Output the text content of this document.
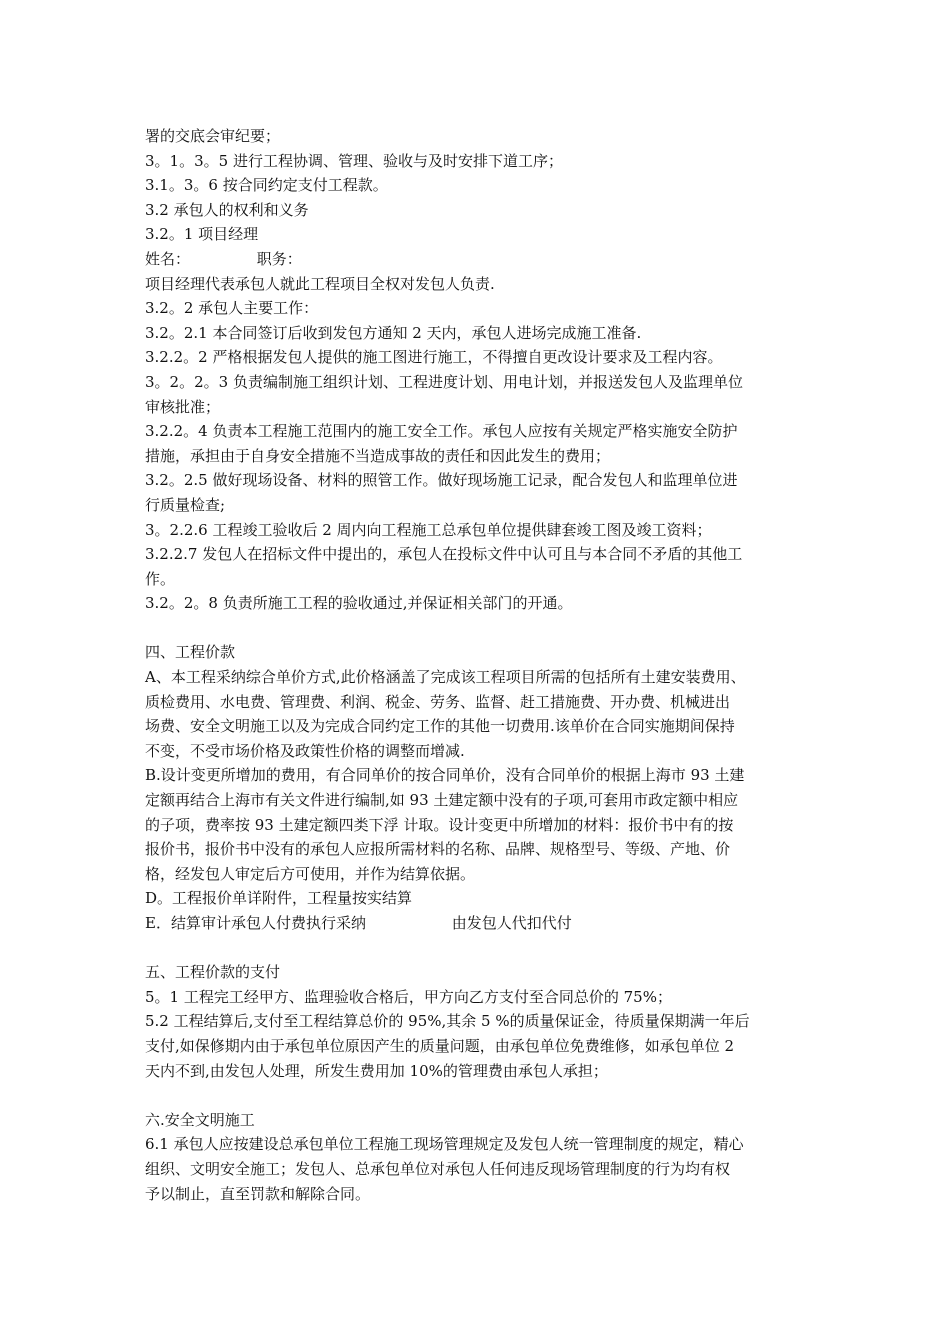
署的交底会审纪要；
3。1。3。5 进行工程协调、管理、验收与及时安排下道工序；
3.1。3。6 按合同约定支付工程款。
3.2 承包人的权利和义务
3.2。1 项目经理
姓名：              职务：
项目经理代表承包人就此工程项目全权对发包人负责.
3.2。2 承包人主要工作：
3.2。2.1 本合同签订后收到发包方通知 2 天内，承包人进场完成施工准备.
3.2.2。2 严格根据发包人提供的施工图进行施工，不得擅自更改设计要求及工程内容。
3。2。2。3 负责编制施工组织计划、工程进度计划、用电计划，并报送发包人及监理单位
审核批准；
3.2.2。4 负责本工程施工范围内的施工安全工作。承包人应按有关规定严格实施安全防护
措施，承担由于自身安全措施不当造成事故的责任和因此发生的费用；
3.2。2.5 做好现场设备、材料的照管工作。做好现场施工记录，配合发包人和监理单位进
行质量检查;
3。2.2.6 工程竣工验收后 2 周内向工程施工总承包单位提供肆套竣工图及竣工资料；
3.2.2.7 发包人在招标文件中提出的，承包人在投标文件中认可且与本合同不矛盾的其他工
作。
3.2。2。8 负责所施工工程的验收通过,并保证相关部门的开通。
四、工程价款
A、本工程采纳综合单价方式,此价格涵盖了完成该工程项目所需的包括所有土建安装费用、
质检费用、水电费、管理费、利润、税金、劳务、监督、赶工措施费、开办费、机械进出
场费、安全文明施工以及为完成合同约定工作的其他一切费用.该单价在合同实施期间保持
不变，不受市场价格及政策性价格的调整而增减.
B.设计变更所增加的费用，有合同单价的按合同单价，没有合同单价的根据上海市 93 土建
定额再结合上海市有关文件进行编制,如 93 土建定额中没有的子项,可套用市政定额中相应
的子项，费率按 93 土建定额四类下浮 计取。设计变更中所增加的材料：报价书中有的按
报价书，报价书中没有的承包人应报所需材料的名称、品牌、规格型号、等级、产地、价
格，经发包人审定后方可使用，并作为结算依据。
D。工程报价单详附件，工程量按实结算
E．结算审计承包人付费执行采纳                  由发包人代扣代付
五、工程价款的支付
5。1 工程完工经甲方、监理验收合格后，甲方向乙方支付至合同总价的 75%；
5.2 工程结算后,支付至工程结算总价的 95%,其余 5 %的质量保证金，待质量保期满一年后
支付,如保修期内由于承包单位原因产生的质量问题，由承包单位免费维修，如承包单位 2
天内不到,由发包人处理，所发生费用加 10%的管理费由承包人承担；
六.安全文明施工
6.1 承包人应按建设总承包单位工程施工现场管理规定及发包人统一管理制度的规定，精心
组织、文明安全施工；发包人、总承包单位对承包人任何违反现场管理制度的行为均有权
予以制止，直至罚款和解除合同。
